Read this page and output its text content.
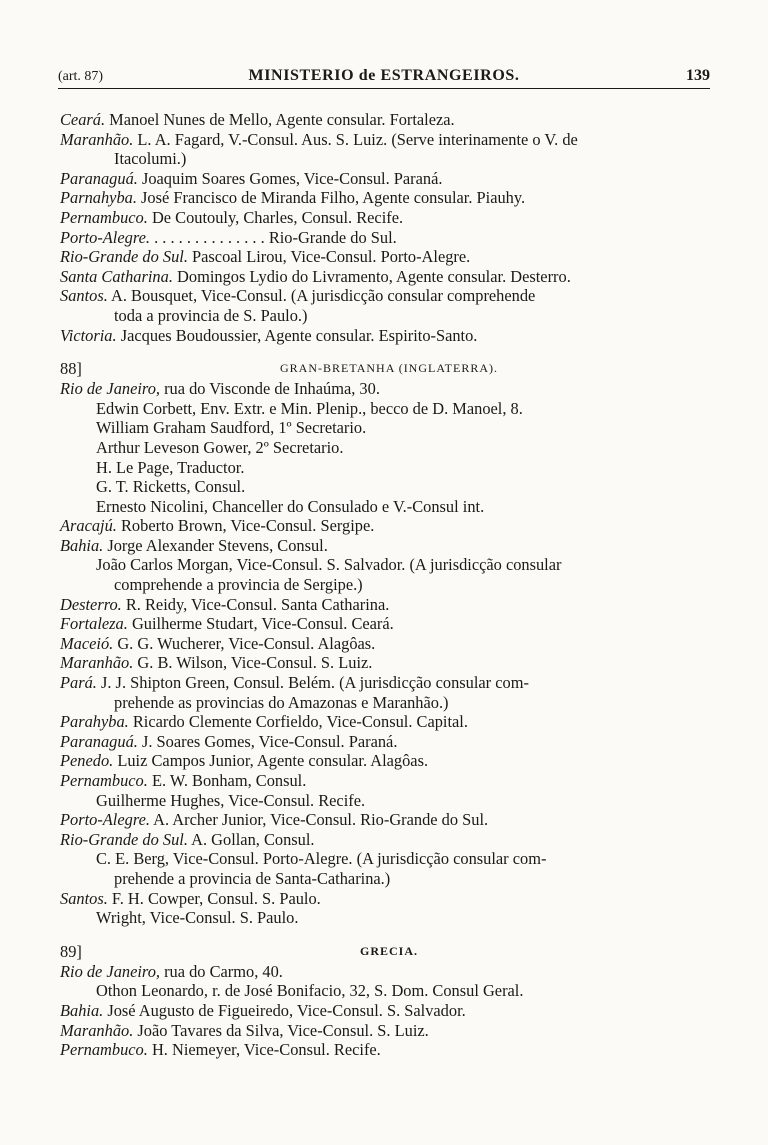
(art. 87)	MINISTERIO de ESTRANGEIROS.	139
Ceará. Manoel Nunes de Mello, Agente consular. Fortaleza.
Maranhão. L. A. Fagard, V.-Consul. Aus. S. Luiz. (Serve interinamente o V. de
Itacolumi.)
Paranaguá. Joaquim Soares Gomes, Vice-Consul. Paraná.
Parnahyba. José Francisco de Miranda Filho, Agente consular. Piauhy.
Pernambuco. De Coutouly, Charles, Consul. Recife.
Porto-Alegre. . . . . . . . . . . . . . . Rio-Grande do Sul.
Rio-Grande do Sul. Pascoal Lirou, Vice-Consul. Porto-Alegre.
Santa Catharina. Domingos Lydio do Livramento, Agente consular. Desterro.
Santos. A. Bousquet, Vice-Consul. (A jurisdicção consular comprehende
toda a provincia de S. Paulo.)
Victoria. Jacques Boudoussier, Agente consular. Espirito-Santo.
88]	GRAN-BRETANHA (INGLATERRA).
Rio de Janeiro, rua do Visconde de Inhaúma, 30.
Edwin Corbett, Env. Extr. e Min. Plenip., becco de D. Manoel, 8.
William Graham Saudford, 1º Secretario.
Arthur Leveson Gower, 2º Secretario.
H. Le Page, Traductor.
G. T. Ricketts, Consul.
Ernesto Nicolini, Chanceller do Consulado e V.-Consul int.
Aracajú. Roberto Brown, Vice-Consul. Sergipe.
Bahia. Jorge Alexander Stevens, Consul.
João Carlos Morgan, Vice-Consul. S. Salvador. (A jurisdicção consular
comprehende a provincia de Sergipe.)
Desterro. R. Reidy, Vice-Consul. Santa Catharina.
Fortaleza. Guilherme Studart, Vice-Consul. Ceará.
Maceió. G. G. Wucherer, Vice-Consul. Alagôas.
Maranhão. G. B. Wilson, Vice-Consul. S. Luiz.
Pará. J. J. Shipton Green, Consul. Belém. (A jurisdicção consular com-
prehende as provincias do Amazonas e Maranhão.)
Parahyba. Ricardo Clemente Corfieldo, Vice-Consul. Capital.
Paranaguá. J. Soares Gomes, Vice-Consul. Paraná.
Penedo. Luiz Campos Junior, Agente consular. Alagôas.
Pernambuco. E. W. Bonham, Consul.
Guilherme Hughes, Vice-Consul. Recife.
Porto-Alegre. A. Archer Junior, Vice-Consul. Rio-Grande do Sul.
Rio-Grande do Sul. A. Gollan, Consul.
C. E. Berg, Vice-Consul. Porto-Alegre. (A jurisdicção consular com-
prehende a provincia de Santa-Catharina.)
Santos. F. H. Cowper, Consul. S. Paulo.
Wright, Vice-Consul. S. Paulo.
89]	GRECIA.
Rio de Janeiro, rua do Carmo, 40.
Othon Leonardo, r. de José Bonifacio, 32, S. Dom. Consul Geral.
Bahia. José Augusto de Figueiredo, Vice-Consul. S. Salvador.
Maranhão. João Tavares da Silva, Vice-Consul. S. Luiz.
Pernambuco. H. Niemeyer, Vice-Consul. Recife.
